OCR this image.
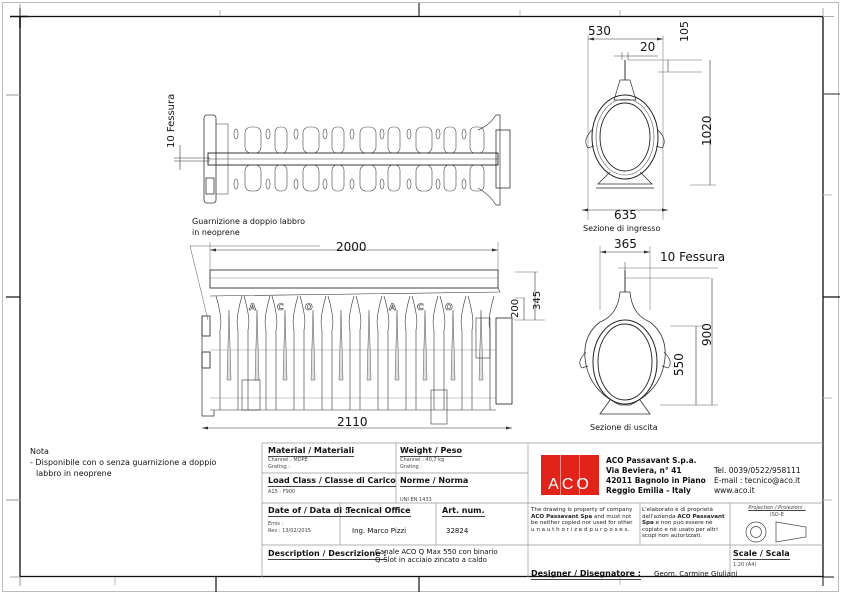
10 Fessura
A C O	A C O
Guarnizione a doppio labbro
in neoprene
2000
2110
200 345
530
20
105
1020
635
Sezione di ingresso
365
10 Fessura
900
550
Sezione di uscita
Nota
- Disponibile con o senza guarnizione a doppio
labbro in neoprene
Material / Materiali
Channel : MDPE
Grating :
Weight / Peso
Channel : 40,7 kg
Grating :
Load Class / Classe di Carico
A15 - F900
Norme / Norma
UNI EN 1433
ACO
ACO Passavant S.p.a.
Via Beviera, n° 41
42011 Bagnolo in Piano
Reggio Emilia - Italy
Tel. 0039/0522/958111
E-mail : tecnico@aco.it
www.aco.it
Date of / Data di :
Emis :
Rev : 13/02/2015
Tecnical Office
Ing. Marco Pizzi
Art. num.
32824
The drawing is property of company ACO Passavant Spa and must not be neither copied nor used for other
u n a u t h o r i z e d p u r p o s e s.
L'elaborato è di proprietà dell'azienda ACO Passavant Spa e non può essere nè copiato e nè usato per altri scopi non autorizzati.
Projection / Proiezioni :
ISO-E
Description / Descrizione :
Canale ACO Q Max 550 con binario
Q-Slot in acciaio zincato a caldo
Designer / Disegnatore : Geom. Carmine Giuliani
Scale / Scala
1:20 (A4)
